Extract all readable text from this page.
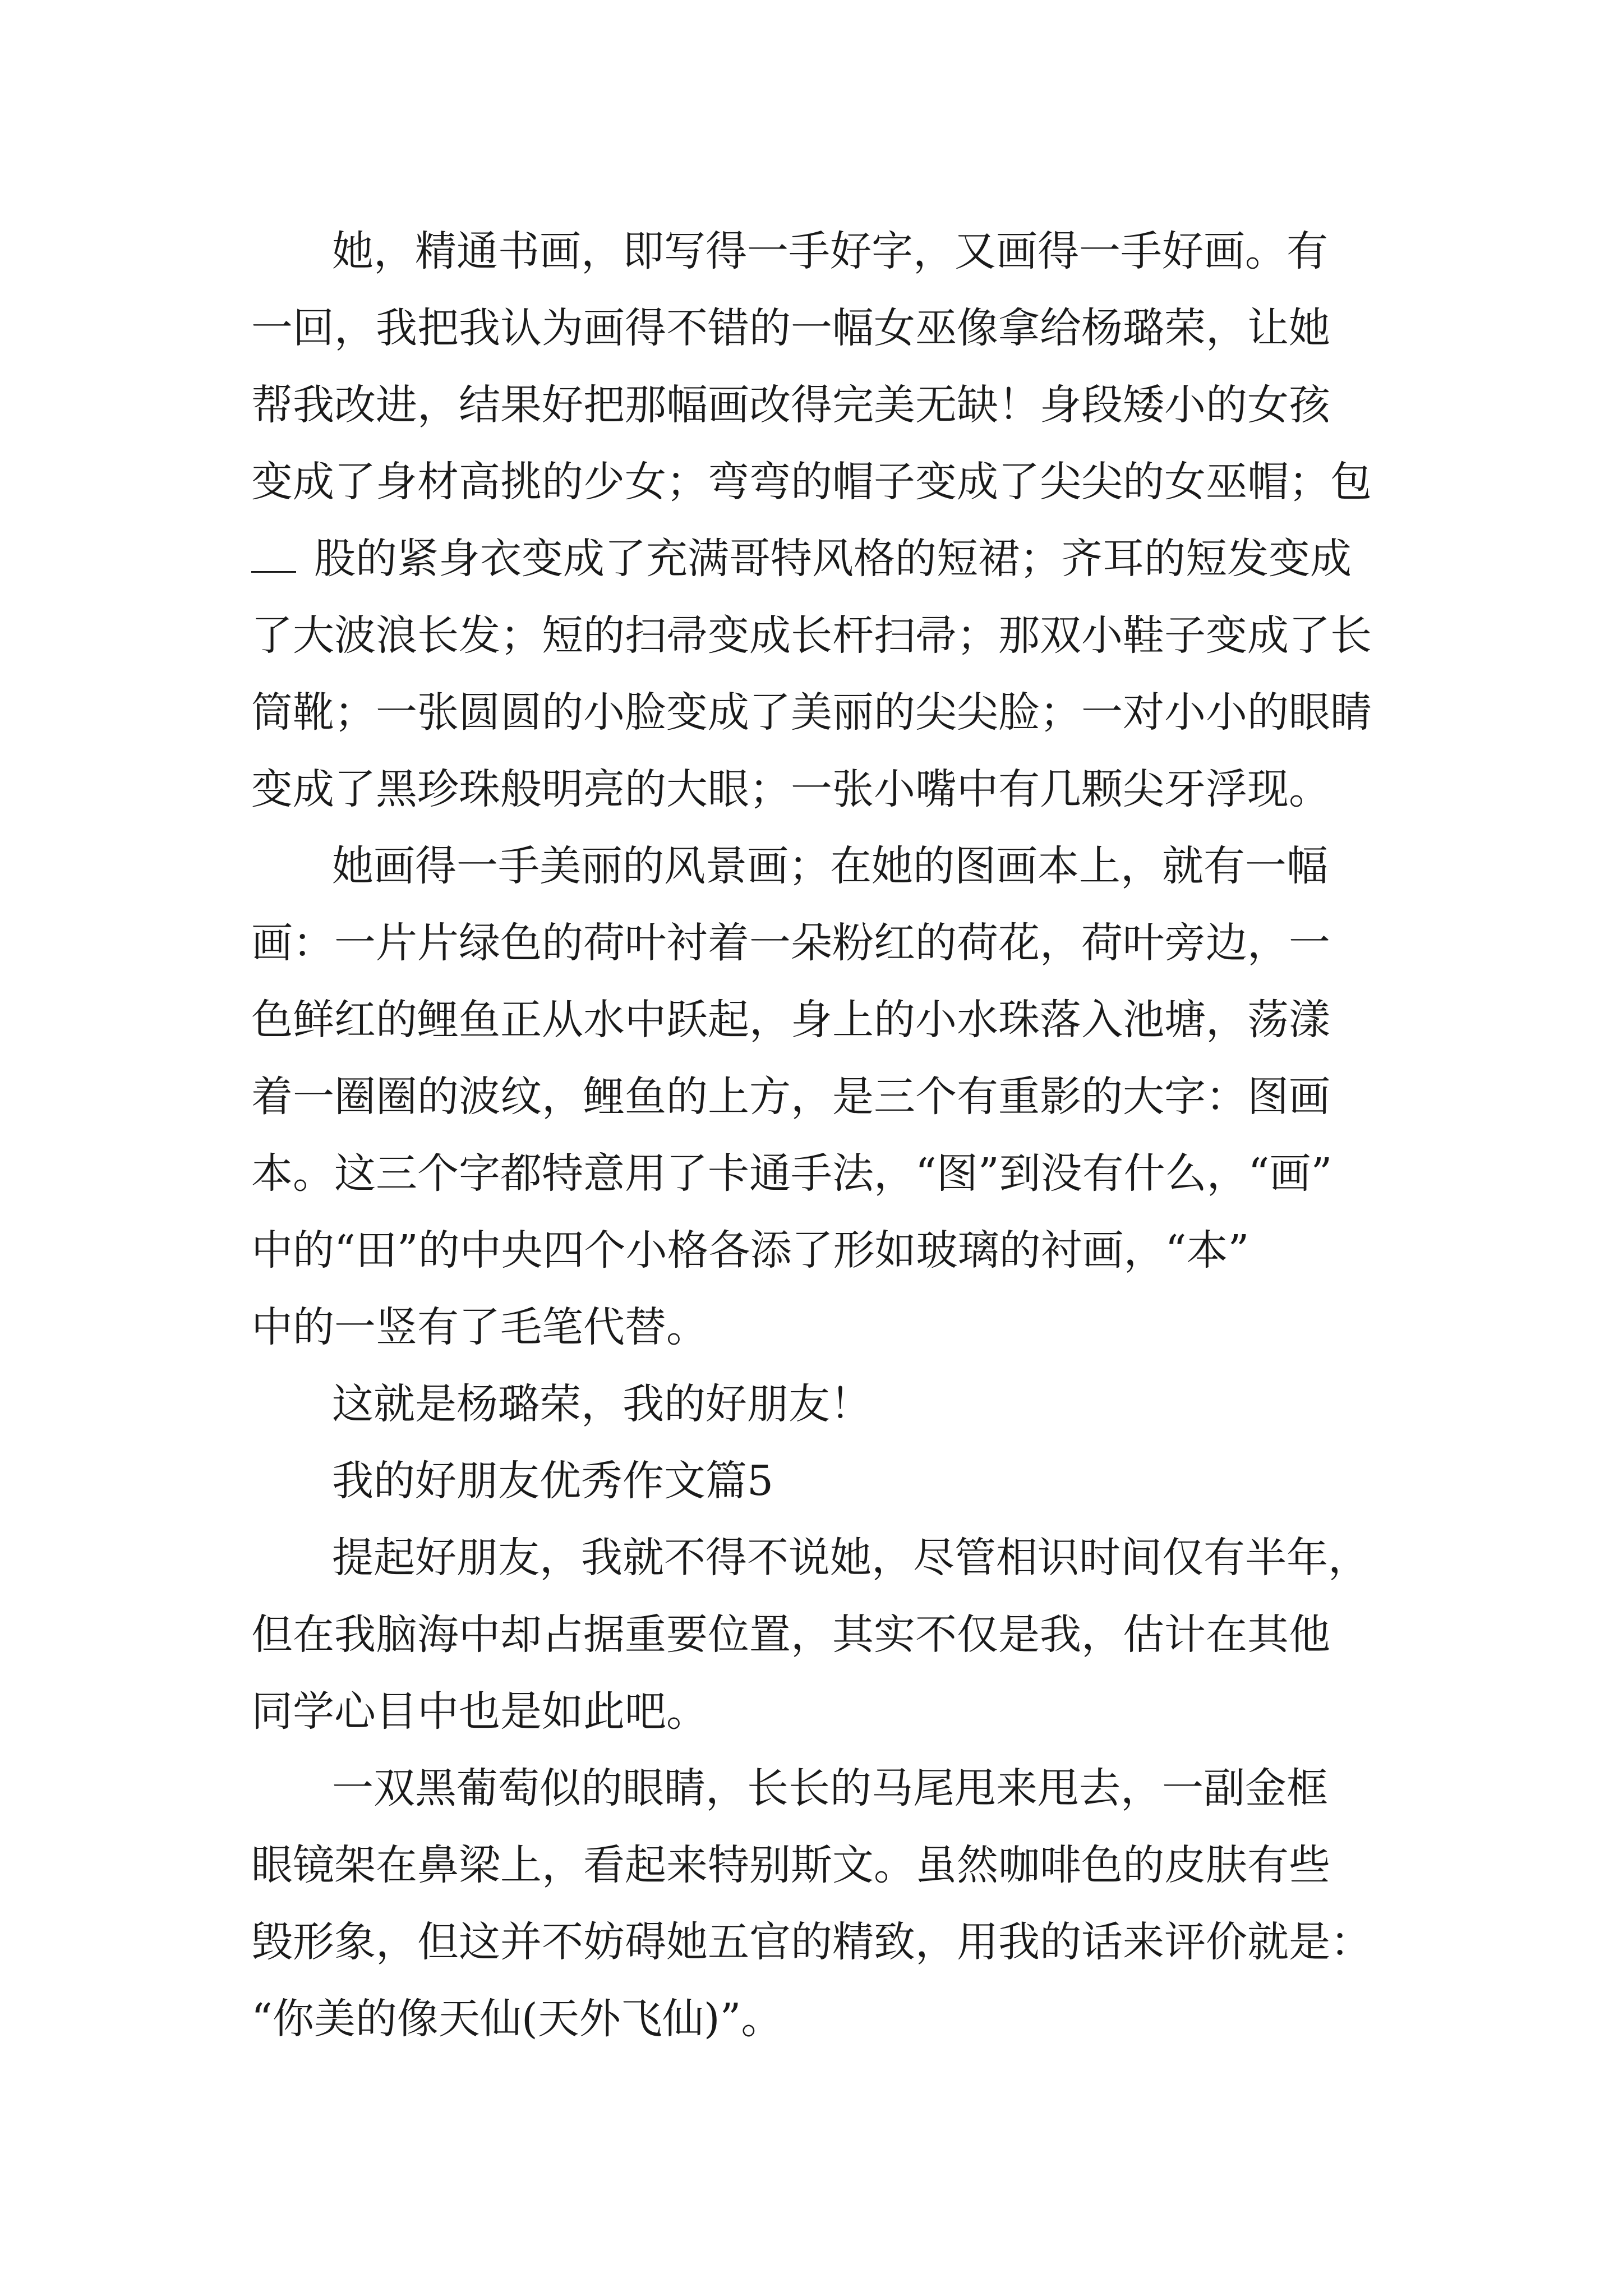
她，精通书画，即写得一手好字，又画得一手好画。有
一回，我把我认为画得不错的一幅女巫像拿给杨璐荣，让她
帮我改进，结果好把那幅画改得完美无缺！身段矮小的女孩
变成了身材高挑的少女；弯弯的帽子变成了尖尖的女巫帽；包
股的紧身衣变成了充满哥特风格的短裙；齐耳的短发变成
了大波浪长发；短的扫帚变成长杆扫帚；那双小鞋子变成了长
筒靴；一张圆圆的小脸变成了美丽的尖尖脸；一对小小的眼睛
变成了黑珍珠般明亮的大眼；一张小嘴中有几颗尖牙浮现。
她画得一手美丽的风景画；在她的图画本上，就有一幅
画：一片片绿色的荷叶衬着一朵粉红的荷花，荷叶旁边，一
色鲜红的鲤鱼正从水中跃起，身上的小水珠落入池塘，荡漾
着一圈圈的波纹，鲤鱼的上方，是三个有重影的大字：图画
本。这三个字都特意用了卡通手法，“图”到没有什么，“画”
中的“田”的中央四个小格各添了形如玻璃的衬画，“本”
中的一竖有了毛笔代替。
这就是杨璐荣，我的好朋友！
我的好朋友优秀作文篇5
提起好朋友，我就不得不说她，尽管相识时间仅有半年，
但在我脑海中却占据重要位置，其实不仅是我，估计在其他
同学心目中也是如此吧。
一双黑葡萄似的眼睛，长长的马尾甩来甩去，一副金框
眼镜架在鼻梁上，看起来特别斯文。虽然咖啡色的皮肤有些
毁形象，但这并不妨碍她五官的精致，用我的话来评价就是：
“你美的像天仙(天外飞仙)”。
